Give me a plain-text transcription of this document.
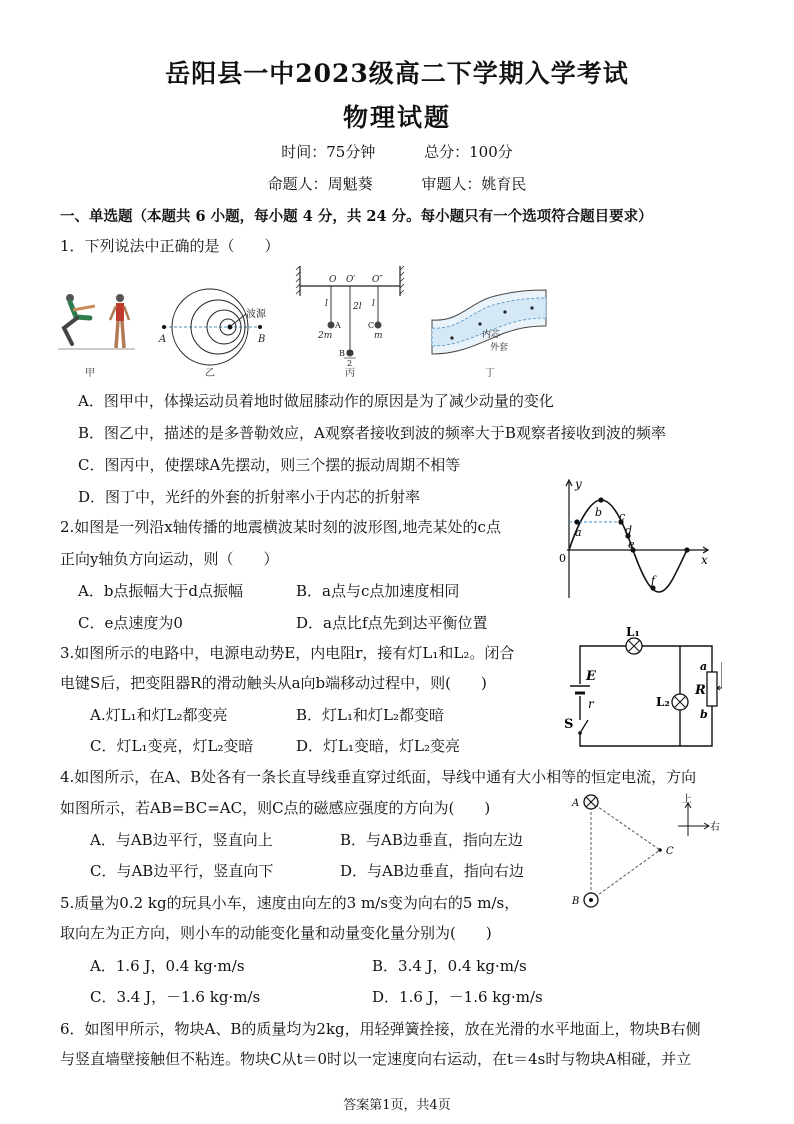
岳阳县一中2023级高二下学期入学考试
物理试题
时间：75分钟	总分：100分
命题人：周魁葵	审题人：姚育民
一、单选题（本题共 6 小题，每小题 4 分，共 24 分。每小题只有一个选项符合题目要求）
1．下列说法中正确的是（　　）
甲
波源
A	B
乙
O O′ O″
l	2l l
A
2m
C
m
B m
2
丙
内芯
外套
丁
A．图甲中，体操运动员着地时做屈膝动作的原因是为了减少动量的变化
B．图乙中，描述的是多普勒效应，A观察者接收到波的频率大于B观察者接收到波的频率
C．图丙中，使摆球A先摆动，则三个摆的振动周期不相等
D．图丁中，光纤的外套的折射率小于内芯的折射率
y
x
0
a
b c
d
e
f
2.如图是一列沿x轴传播的地震横波某时刻的波形图,地壳某处的c点
正向y轴负方向运动，则（　　）
A．b点振幅大于d点振幅	B．a点与c点加速度相同
C．e点速度为0	D．a点比f点先到达平衡位置	L₁
L₂
E
r
S
R
a
b
3.如图所示的电路中，电源电动势E，内电阻r，接有灯L₁和L₂。闭合
电键S后，把变阻器R的滑动触头从a向b端移动过程中，则(　　)
A.灯L₁和灯L₂都变亮	B．灯L₁和灯L₂都变暗
C．灯L₁变亮，灯L₂变暗	D．灯L₁变暗，灯L₂变亮
4.如图所示，在A、B处各有一条长直导线垂直穿过纸面，导线中通有大小相等的恒定电流，方向
如图所示，若AB=BC=AC，则C点的磁感应强度的方向为(　　)	A
B
C
上
右
A．与AB边平行，竖直向上	B．与AB边垂直，指向左边
C．与AB边平行，竖直向下	D．与AB边垂直，指向右边
5.质量为0.2 kg的玩具小车，速度由向左的3 m/s变为向右的5 m/s，
取向左为正方向，则小车的动能变化量和动量变化量分别为(　　)
A．1.6 J，0.4 kg·m/s	B．3.4 J，0.4 kg·m/s
C．3.4 J，－1.6 kg·m/s	D．1.6 J，－1.6 kg·m/s
6．如图甲所示，物块A、B的质量均为2kg，用轻弹簧拴接，放在光滑的水平地面上，物块B右侧
与竖直墙壁接触但不粘连。物块C从t＝0时以一定速度向右运动，在t＝4s时与物块A相碰，并立
答案第1页，共4页
